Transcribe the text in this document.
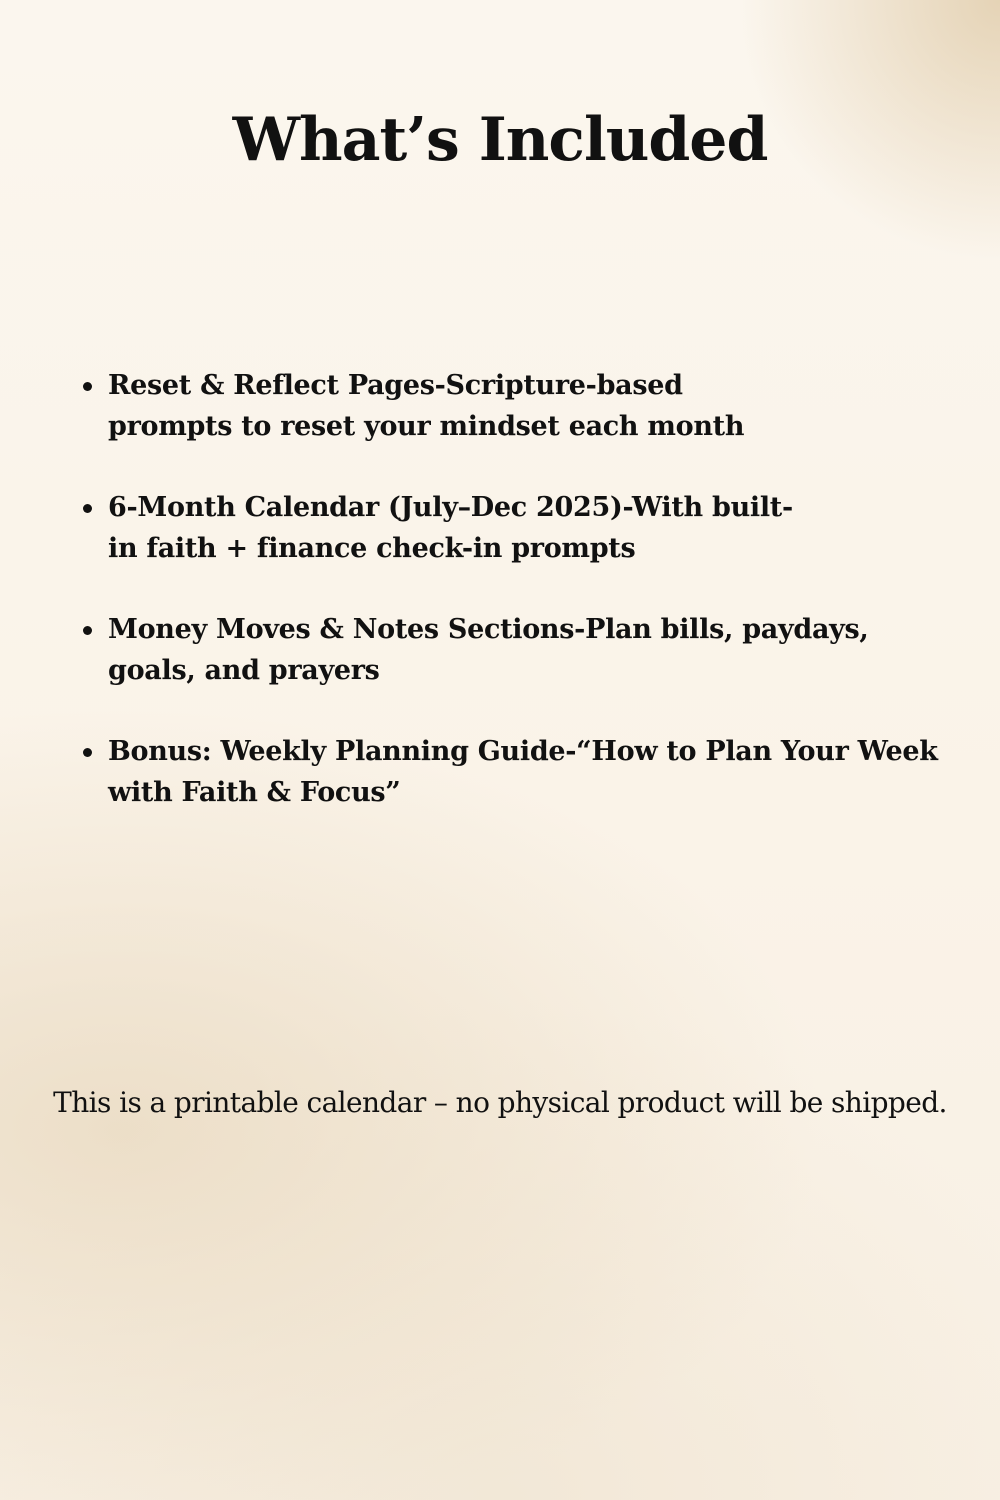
What’s Included
Reset & Reflect Pages-Scripture-based prompts to reset your mindset each month
6-Month Calendar (July–Dec 2025)-With built-in faith + finance check-in prompts
Money Moves & Notes Sections-Plan bills, paydays, goals, and prayers
Bonus: Weekly Planning Guide-“How to Plan Your Week with Faith & Focus”

This is a printable calendar – no physical product will be shipped.
